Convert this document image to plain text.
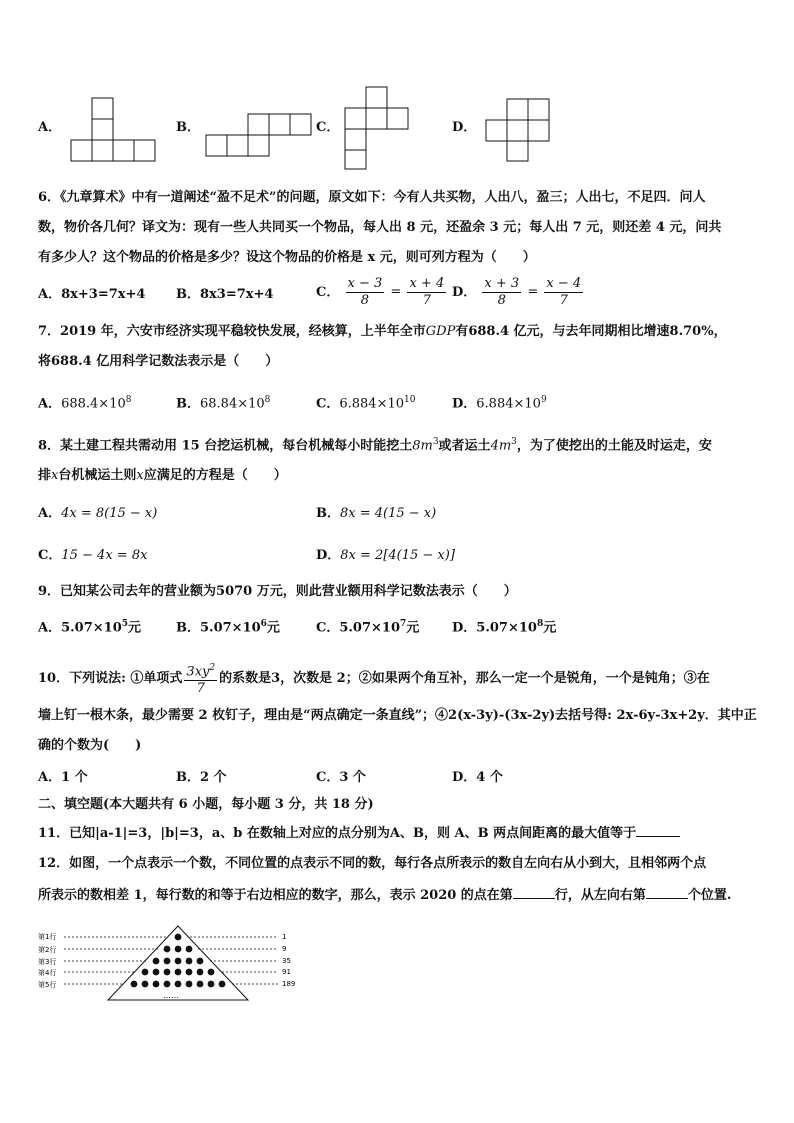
A．	B．	C．	D．
6．《九章算术》中有一道阐述“盈不足术”的问题，原文如下：今有人共买物，人出八，盈三；人出七，不足四．问人
数，物价各几何？译文为：现有一些人共同买一个物品，每人出 8 元，还盈余 3 元；每人出 7 元，则还差 4 元，问共
有多少人？这个物品的价格是多少？设这个物品的价格是 x 元，则可列方程为（　　）
A．8x+3=7x+4 B．8x3=7x+4	C． $\frac{x - 3}{8} = \frac{x + 4}{7}$ D． $\frac{x + 3}{8} = \frac{x - 4}{7}$
7．2019 年，六安市经济实现平稳较快发展，经核算，上半年全市GDP有688.4 亿元，与去年同期相比增速8.70%，
将688.4 亿用科学记数法表示是（　　）
A．$688.4\times 10^8$	B．$68.84\times 10^8$	C．$6.884\times 10^{10}$	D．$6.884\times 10^9$
8．某土建工程共需动用 15 台挖运机械，每台机械每小时能挖土$8m^3$或者运土$4m^3$，为了使挖出的土能及时运走，安
排x台机械运土则x应满足的方程是（　　）
A．4x = 8(15 − x)	B．8x = 4(15 − x)
C．15 − 4x = 8x	D．8x = 2[4(15 − x)]
9．已知某公司去年的营业额为5070 万元，则此营业额用科学记数法表示（　　）
A．$5.07\times 10^5$元	B．$5.07\times 10^6$元	C．$5.07\times 10^7$元	D．$5.07\times 10^8$元
10．下列说法: ①单项式 $\frac{3xy^2}{7}$ 的系数是3，次数是 2；②如果两个角互补，那么一定一个是锐角，一个是钝角；③在
墙上钉一根木条，最少需要 2 枚钉子，理由是“两点确定一条直线”；④2(x-3y)-(3x-2y)去括号得: 2x-6y-3x+2y．其中正
确的个数为(　　)
A．1 个	B．2 个	C．3 个	D．4 个
二、填空题(本大题共有 6 小题，每小题 3 分，共 18 分)
11．已知|a-1|=3，|b|=3，a、b 在数轴上对应的点分别为A、B，则 A、B 两点间距离的最大值等于
12．如图，一个点表示一个数，不同位置的点表示不同的数，每行各点所表示的数自左向右从小到大，且相邻两个点
所表示的数相差 1，每行数的和等于右边相应的数字，那么，表示 2020 的点在第	行，从左向右第	个位置.
第1行
第2行
第3行
第4行
第5行
1
9
35
91
189
……
